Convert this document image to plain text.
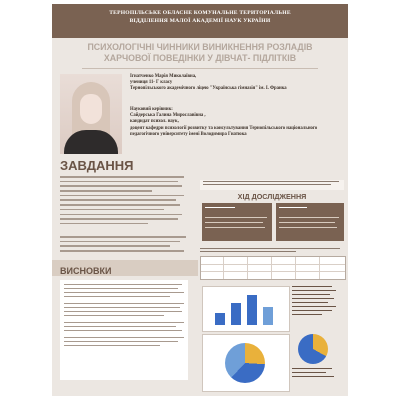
ТЕРНОПІЛЬСЬКЕ ОБЛАСНЕ КОМУНАЛЬНЕ ТЕРИТОРІАЛЬНЕ
ВІДДІЛЕННЯ МАЛОЇ АКАДЕМІЇ НАУК УКРАЇНИ
ПСИХОЛОГІЧНІ ЧИННИКИ ВИНИКНЕННЯ РОЗЛАДІВ
ХАРЧОВОЇ ПОВЕДІНКИ У ДІВЧАТ- ПІДЛІТКІВ
Ігнатченко Марія Миколаївна,
учениця 11- Г класу
Тернопільського академічного ліцею "Українська гімназія" ім. І. Франка
Науковий керівник:
Сайдерська Галина Мирославівна ,
кандидат психол. наук,
доцент кафедри психології розвитку та консультування Тернопільського національного педагогічного університету імені Володимира Гнатюка
ЗАВДАННЯ
ХІД ДОСЛІДЖЕННЯ
ВИСНОВКИ
